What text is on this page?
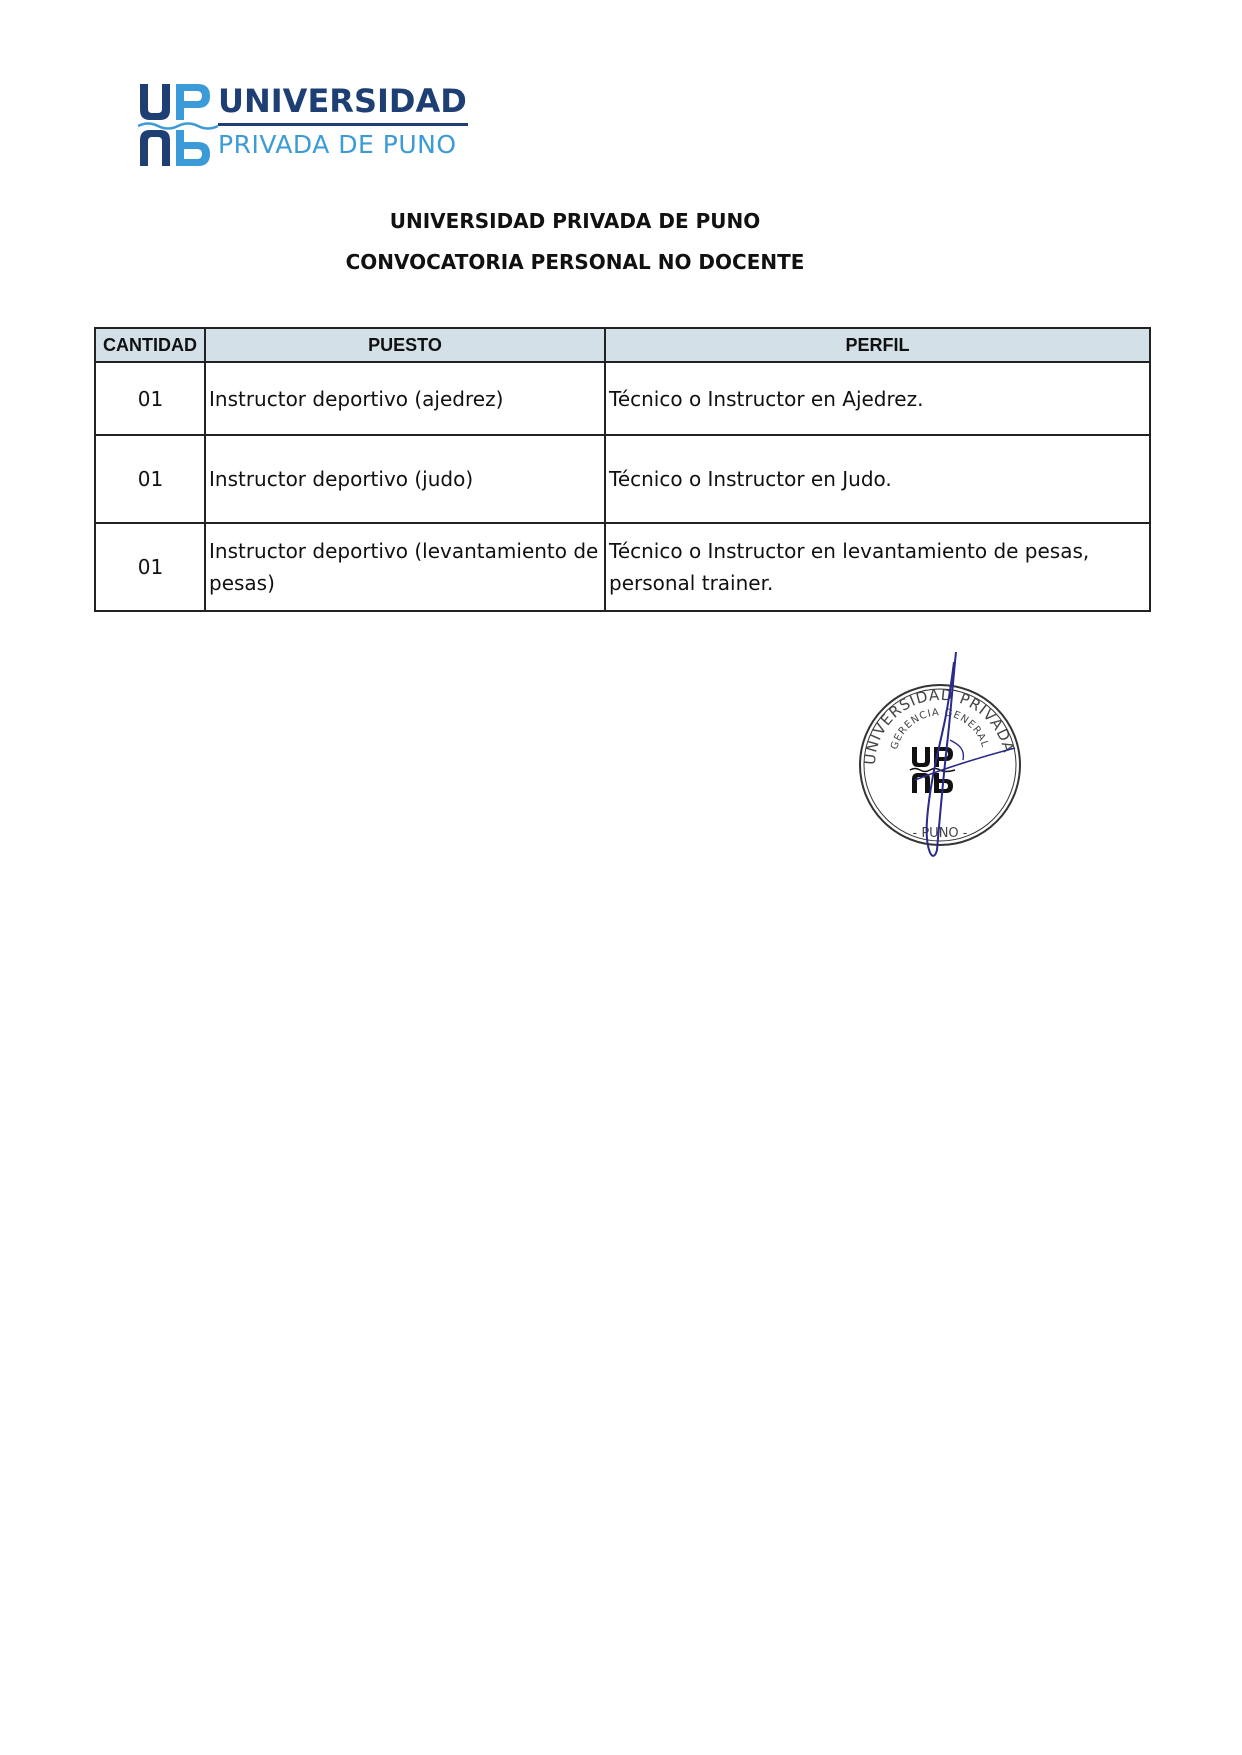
UNIVERSIDAD
PRIVADA DE PUNO
UNIVERSIDAD PRIVADA DE PUNO
CONVOCATORIA PERSONAL NO DOCENTE
CANTIDAD	PUESTO	PERFIL
01	Instructor deportivo (ajedrez)	Técnico o Instructor en Ajedrez.
01	Instructor deportivo (judo)	Técnico o Instructor en Judo.
01	Instructor deportivo (levantamiento de pesas)	Técnico o Instructor en levantamiento de pesas, personal trainer.
UNIVERSIDAD PRIVADA
GERENCIA GENERAL
- PUNO -
